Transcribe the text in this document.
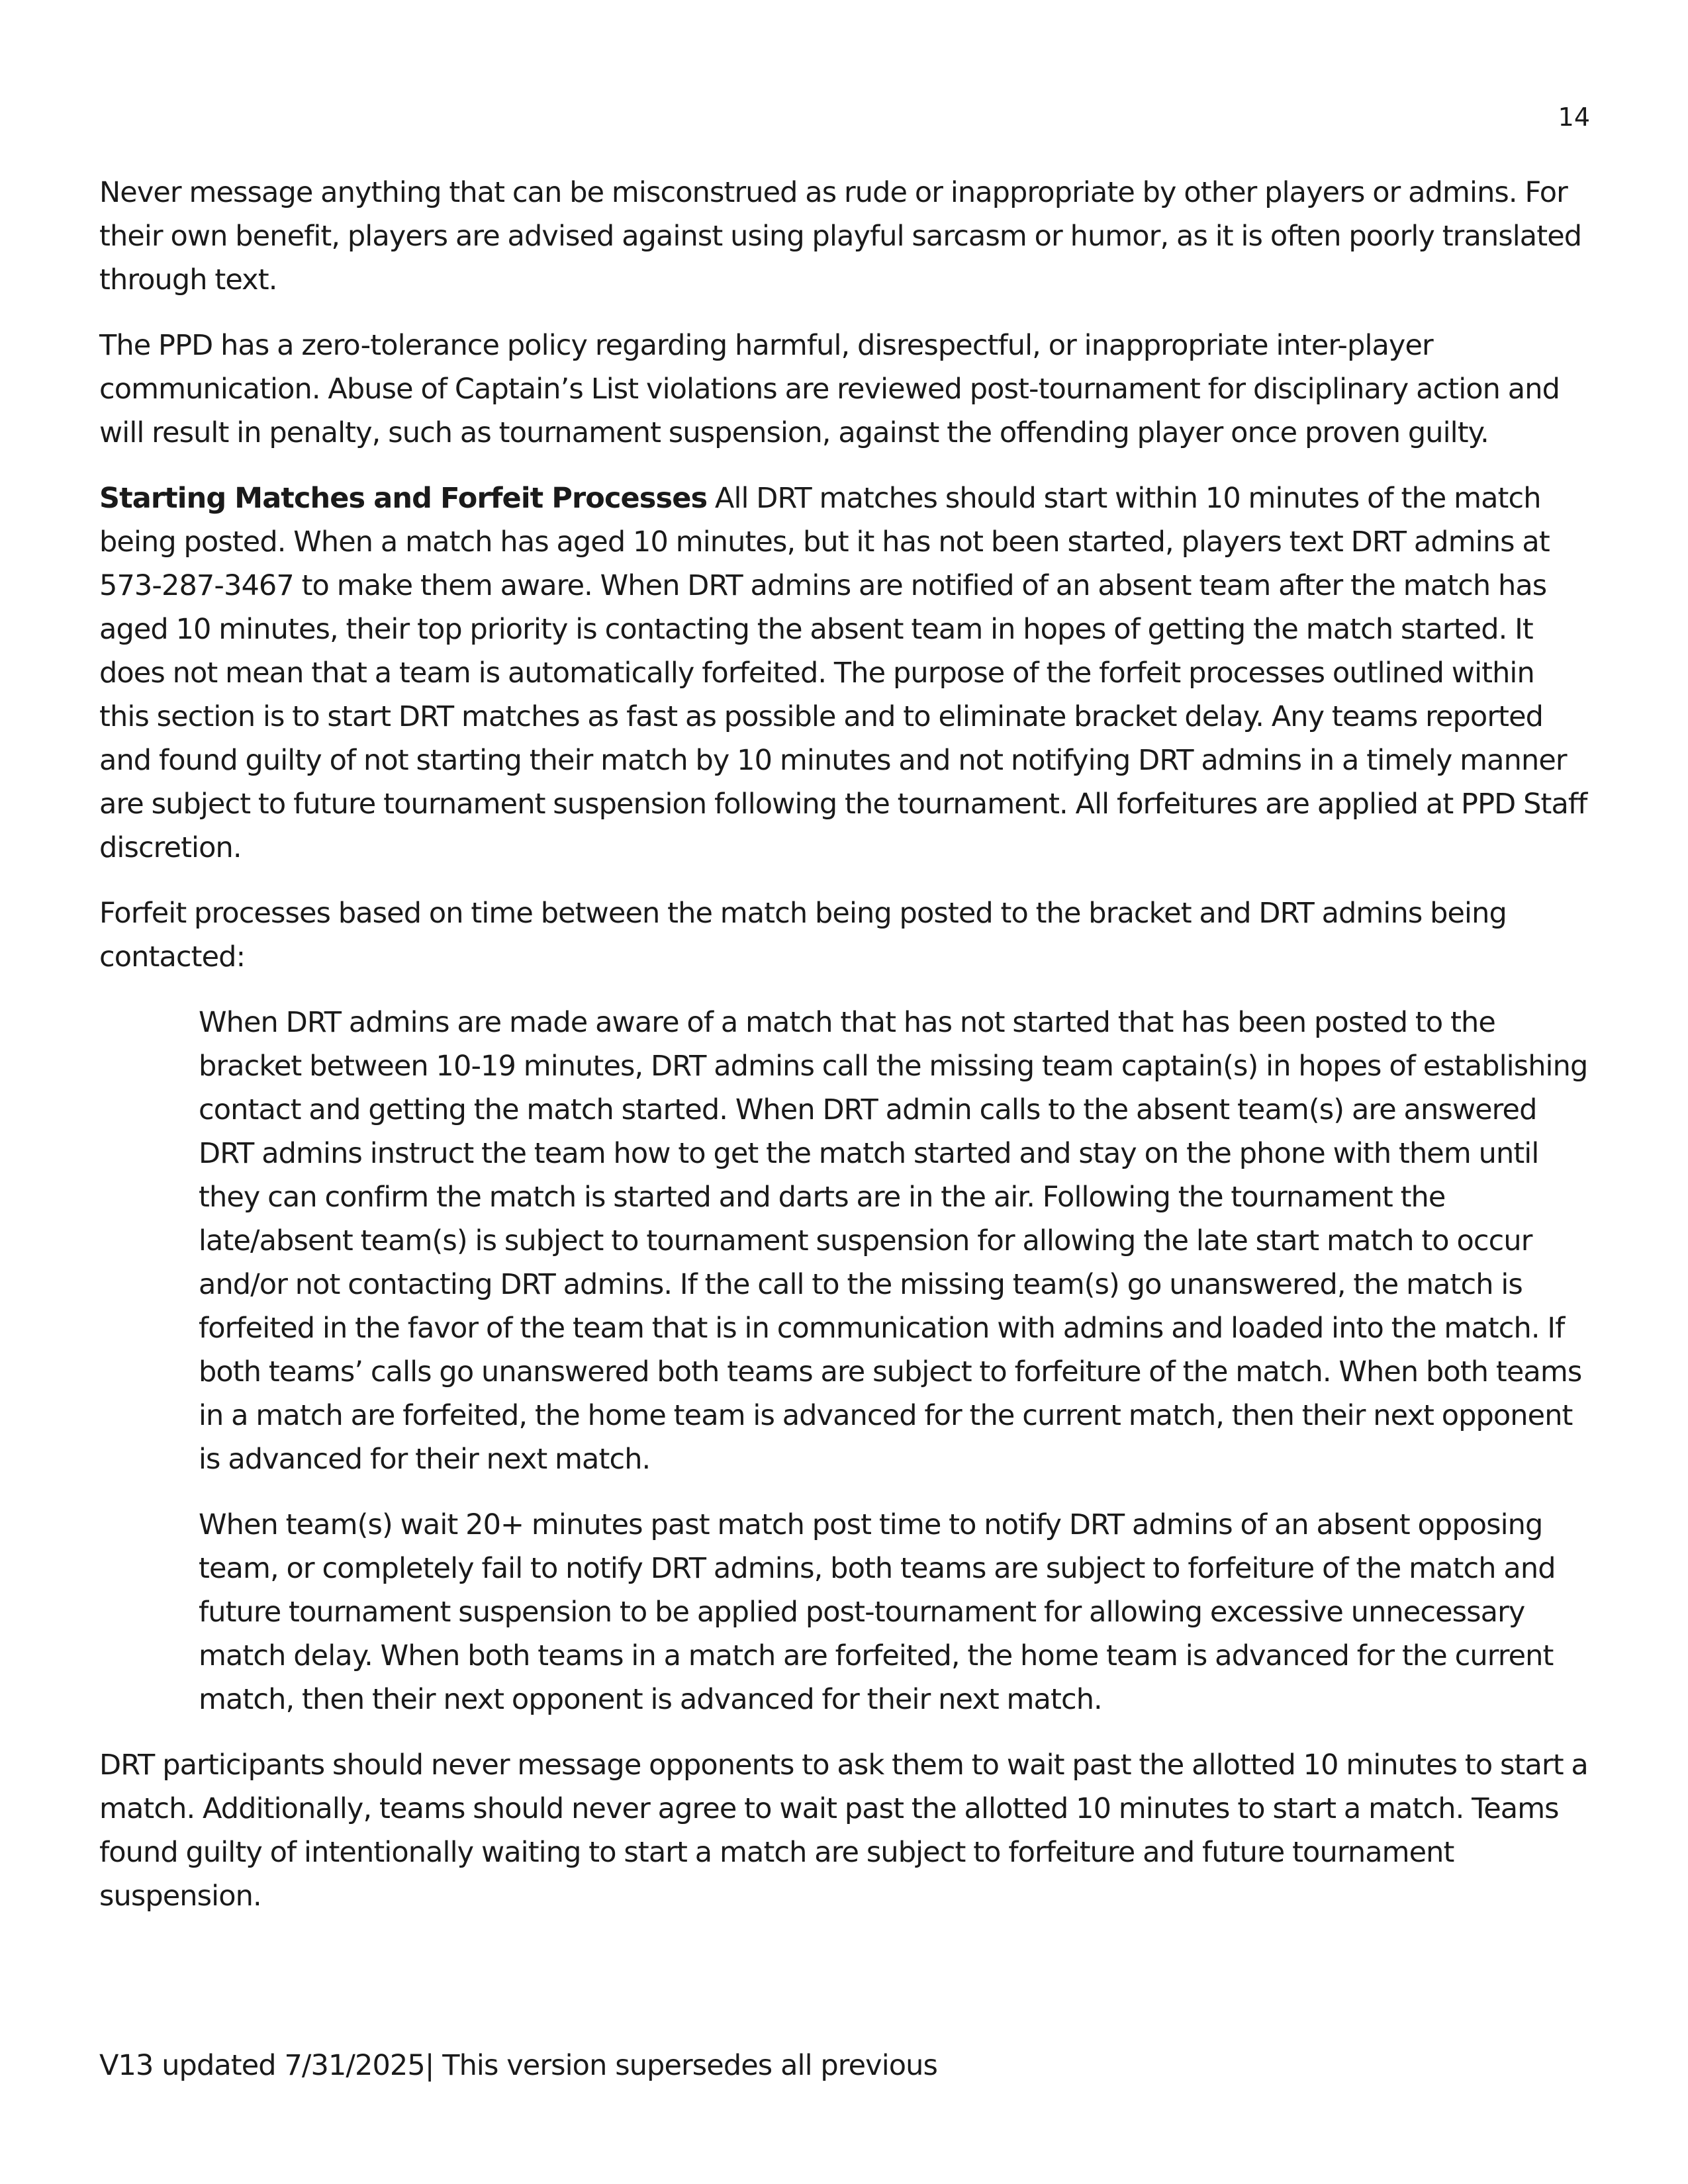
14

Never message anything that can be misconstrued as rude or inappropriate by other players or admins. For their own benefit, players are advised against using playful sarcasm or humor, as it is often poorly translated through text.

The PPD has a zero-tolerance policy regarding harmful, disrespectful, or inappropriate inter-player communication. Abuse of Captain’s List violations are reviewed post-tournament for disciplinary action and will result in penalty, such as tournament suspension, against the offending player once proven guilty.

Starting Matches and Forfeit Processes All DRT matches should start within 10 minutes of the match being posted. When a match has aged 10 minutes, but it has not been started, players text DRT admins at 573-287-3467 to make them aware. When DRT admins are notified of an absent team after the match has aged 10 minutes, their top priority is contacting the absent team in hopes of getting the match started. It does not mean that a team is automatically forfeited. The purpose of the forfeit processes outlined within this section is to start DRT matches as fast as possible and to eliminate bracket delay. Any teams reported and found guilty of not starting their match by 10 minutes and not notifying DRT admins in a timely manner are subject to future tournament suspension following the tournament. All forfeitures are applied at PPD Staff discretion.

Forfeit processes based on time between the match being posted to the bracket and DRT admins being contacted:

When DRT admins are made aware of a match that has not started that has been posted to the bracket between 10-19 minutes, DRT admins call the missing team captain(s) in hopes of establishing contact and getting the match started. When DRT admin calls to the absent team(s) are answered DRT admins instruct the team how to get the match started and stay on the phone with them until they can confirm the match is started and darts are in the air. Following the tournament the late/absent team(s) is subject to tournament suspension for allowing the late start match to occur and/or not contacting DRT admins. If the call to the missing team(s) go unanswered, the match is forfeited in the favor of the team that is in communication with admins and loaded into the match. If both teams’ calls go unanswered both teams are subject to forfeiture of the match. When both teams in a match are forfeited, the home team is advanced for the current match, then their next opponent is advanced for their next match.

When team(s) wait 20+ minutes past match post time to notify DRT admins of an absent opposing team, or completely fail to notify DRT admins, both teams are subject to forfeiture of the match and future tournament suspension to be applied post-tournament for allowing excessive unnecessary match delay. When both teams in a match are forfeited, the home team is advanced for the current match, then their next opponent is advanced for their next match.

DRT participants should never message opponents to ask them to wait past the allotted 10 minutes to start a match. Additionally, teams should never agree to wait past the allotted 10 minutes to start a match. Teams found guilty of intentionally waiting to start a match are subject to forfeiture and future tournament suspension.

V13 updated 7/31/2025| This version supersedes all previous
